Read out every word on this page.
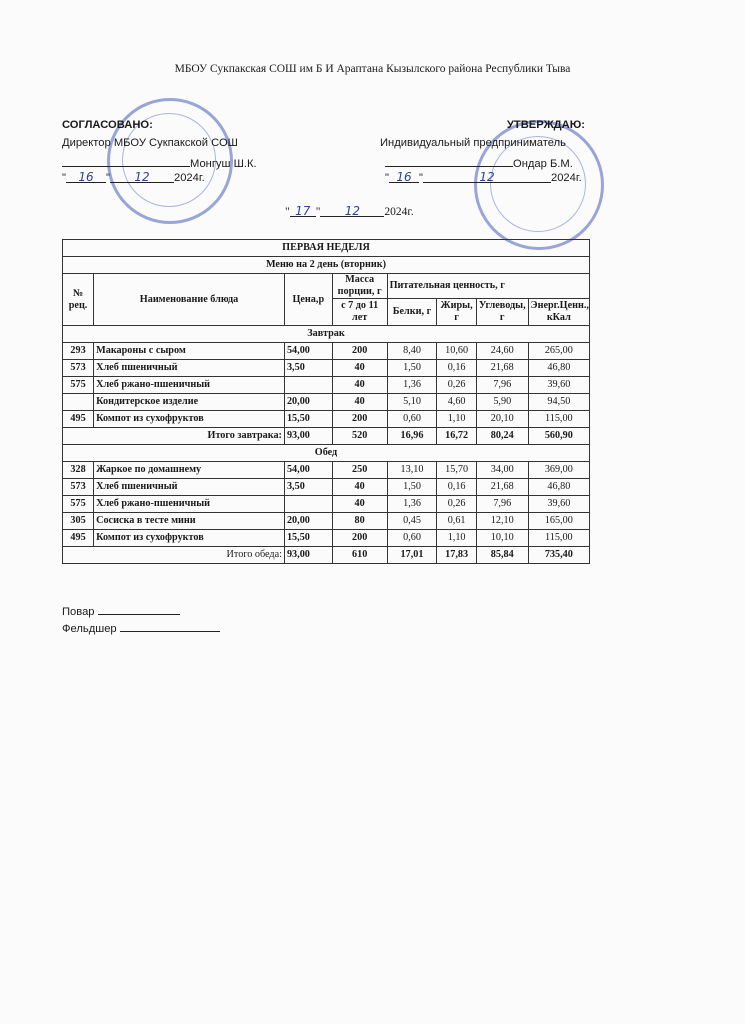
МБОУ Сукпакская СОШ им Б И Араптана Кызылского района Республики Тыва
СОГЛАСОВАНО:
Директор МБОУ Сукпакской СОШ
Монгуш Ш.К.
" 16 " 12 2024г.
УТВЕРЖДАЮ:
Индивидуальный предприниматель
Ондар Б.М.
" 16 "	12	2024г.
" 17 " 12 2024г.
ПЕРВАЯ НЕДЕЛЯ							
Меню на 2 день (вторник)							
№ рец.	Наименование блюда	Цена,р	Масса порции, г	Питательная ценность, г			
			с 7 до 11 лет	Белки, г	Жиры, г	Углеводы, г	Энерг.Ценн., кКал
Завтрак							
293	Макароны с сыром	54,00	200	8,40	10,60	24,60	265,00
573	Хлеб пшеничный	3,50	40	1,50	0,16	21,68	46,80
575	Хлеб ржано-пшеничный		40	1,36	0,26	7,96	39,60
	Кондитерское изделие	20,00	40	5,10	4,60	5,90	94,50
495	Компот из сухофруктов	15,50	200	0,60	1,10	20,10	115,00
Итого завтрака:		93,00	520	16,96	16,72	80,24	560,90
Обед							
328	Жаркое по домашнему	54,00	250	13,10	15,70	34,00	369,00
573	Хлеб пшеничный	3,50	40	1,50	0,16	21,68	46,80
575	Хлеб ржано-пшеничный		40	1,36	0,26	7,96	39,60
305	Сосиска в тесте мини	20,00	80	0,45	0,61	12,10	165,00
495	Компот из сухофруктов	15,50	200	0,60	1,10	10,10	115,00
Итого обеда:		93,00	610	17,01	17,83	85,84	735,40
Повар
Фельдшер
